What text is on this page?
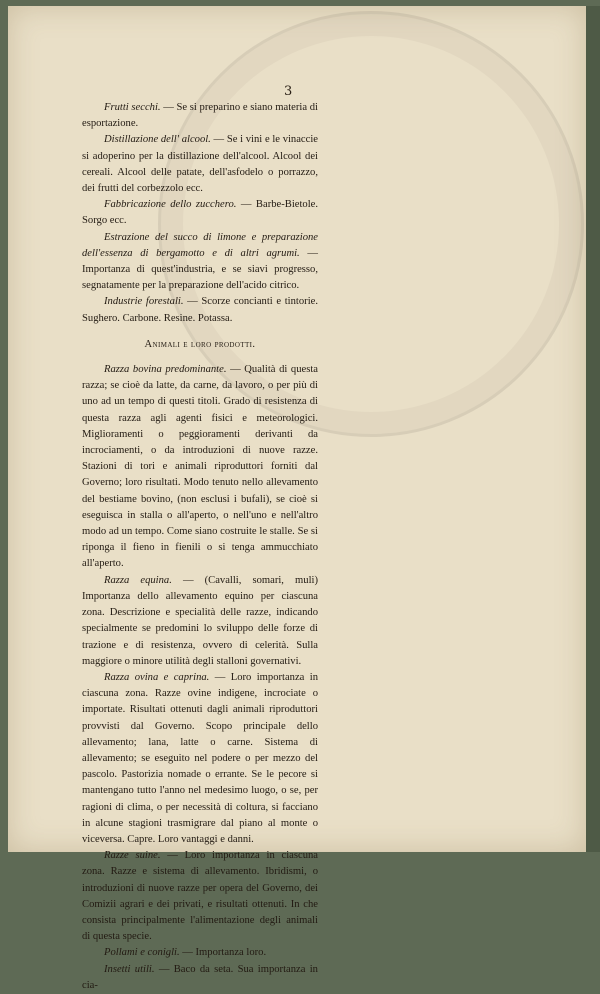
3

Frutti secchi. — Se si preparino e siano materia di esportazione.

Distillazione dell' alcool. — Se i vini e le vinaccie si adoperino per la distillazione dell'alcool. Alcool dei cereali. Alcool delle patate, dell'asfodelo o porrazzo, dei frutti del corbezzolo ecc.

Fabbricazione dello zucchero. — Barbe-Bietole. Sorgo ecc.

Estrazione del succo di limone e preparazione dell'essenza di bergamotto e di altri agrumi. — Importanza di quest'industria, e se siavi progresso, segnatamente per la preparazione dell'acido citrico.

Industrie forestali. — Scorze concianti e tintorie. Sughero. Carbone. Resine. Potassa.

Animali e loro prodotti.

Razza bovina predominante. — Qualità di questa razza; se cioè da latte, da carne, da lavoro, o per più di uno ad un tempo di questi titoli. Grado di resistenza di questa razza agli agenti fisici e meteorologici. Miglioramenti o peggioramenti derivanti da incrociamenti, o da introduzioni di nuove razze. Stazioni di tori e animali riproduttori forniti dal Governo; loro risultati. Modo tenuto nello allevamento del bestiame bovino, (non esclusi i bufali), se cioè si eseguisca in stalla o all'aperto, o nell'uno e nell'altro modo ad un tempo. Come siano costruite le stalle. Se si riponga il fieno in fienili o si tenga ammucchiato all'aperto.

Razza equina. — (Cavalli, somari, muli) Importanza dello allevamento equino per ciascuna zona. Descrizione e specialità delle razze, indicando specialmente se predomini lo sviluppo delle forze di trazione e di resistenza, ovvero di celerità. Sulla maggiore o minore utilità degli stalloni governativi.

Razza ovina e caprina. — Loro importanza in ciascuna zona. Razze ovine indigene, incrociate o importate. Risultati ottenuti dagli animali riproduttori provvisti dal Governo. Scopo principale dello allevamento; lana, latte o carne. Sistema di allevamento; se eseguito nel podere o per mezzo del pascolo. Pastorizia nomade o errante. Se le pecore si mantengano tutto l'anno nel medesimo luogo, o se, per ragioni di clima, o per necessità di coltura, si facciano in alcune stagioni trasmigrare dal piano al monte o viceversa. Capre. Loro vantaggi e danni.

Razze suine. — Loro importanza in ciascuna zona. Razze e sistema di allevamento. Ibridismi, o introduzioni di nuove razze per opera del Governo, dei Comizii agrari e dei privati, e risultati ottenuti. In che consista principalmente l'alimentazione degli animali di questa specie.

Pollami e conigli. — Importanza loro.

Insetti utili. — Baco da seta. Sua importanza in cia-
